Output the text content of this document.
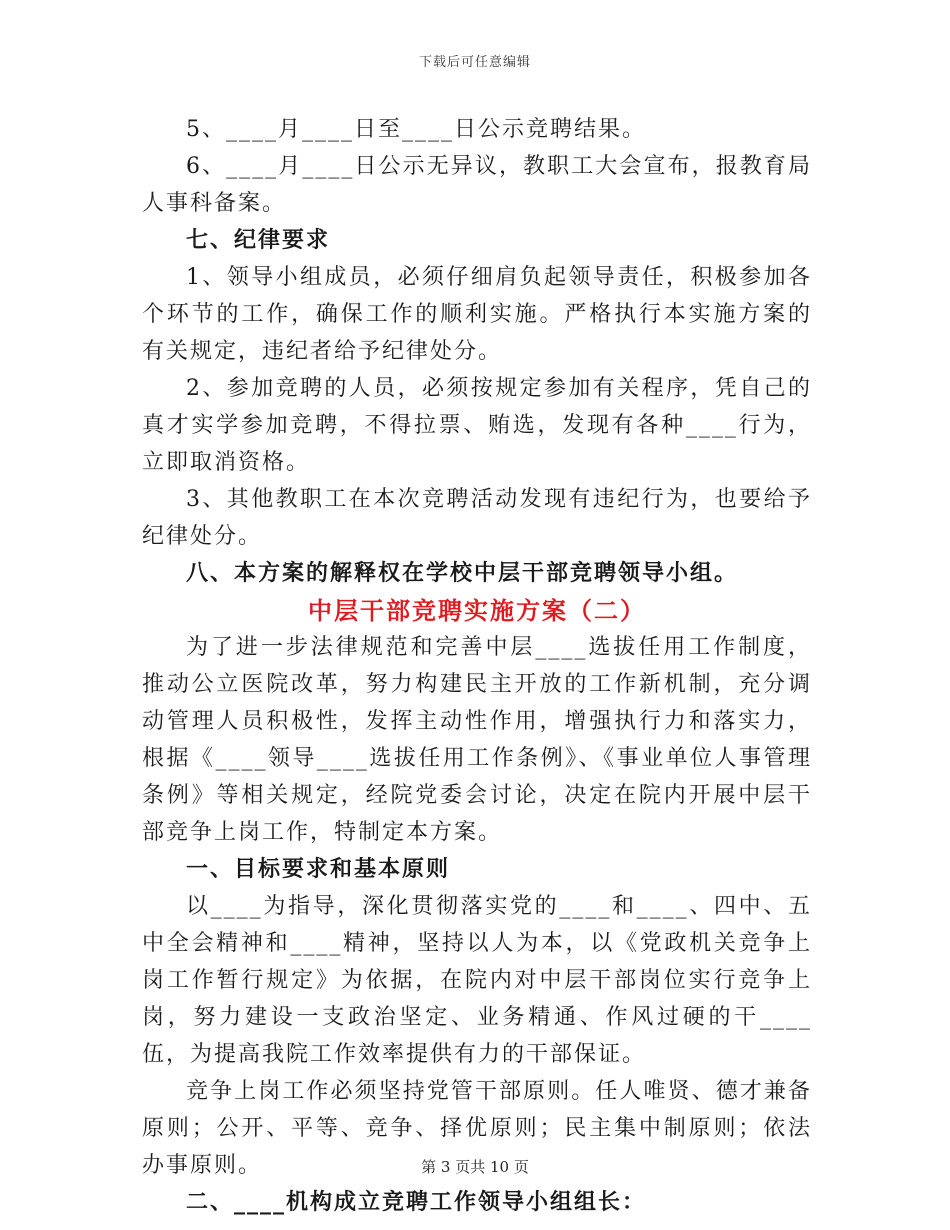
下载后可任意编辑

5、____月____日至____日公示竞聘结果。

6、____月____日公示无异议，教职工大会宣布，报教育局人事科备案。

七、纪律要求

1、领导小组成员，必须仔细肩负起领导责任，积极参加各个环节的工作，确保工作的顺利实施。严格执行本实施方案的有关规定，违纪者给予纪律处分。

2、参加竞聘的人员，必须按规定参加有关程序，凭自己的真才实学参加竞聘，不得拉票、贿选，发现有各种____行为，立即取消资格。

3、其他教职工在本次竞聘活动发现有违纪行为，也要给予纪律处分。

八、本方案的解释权在学校中层干部竞聘领导小组。

中层干部竞聘实施方案（二）

为了进一步法律规范和完善中层____选拔任用工作制度，推动公立医院改革，努力构建民主开放的工作新机制，充分调动管理人员积极性，发挥主动性作用，增强执行力和落实力，根据《____领导____选拔任用工作条例》、《事业单位人事管理条例》等相关规定，经院党委会讨论，决定在院内开展中层干部竞争上岗工作，特制定本方案。

一、目标要求和基本原则

以____为指导，深化贯彻落实党的____和____、四中、五中全会精神和____精神，坚持以人为本，以《党政机关竞争上岗工作暂行规定》为依据，在院内对中层干部岗位实行竞争上岗，努力建设一支政治坚定、业务精通、作风过硬的干____伍，为提高我院工作效率提供有力的干部保证。

竞争上岗工作必须坚持党管干部原则。任人唯贤、德才兼备原则；公开、平等、竞争、择优原则；民主集中制原则；依法办事原则。

二、____机构成立竞聘工作领导小组组长：

第 3 页共 10 页
